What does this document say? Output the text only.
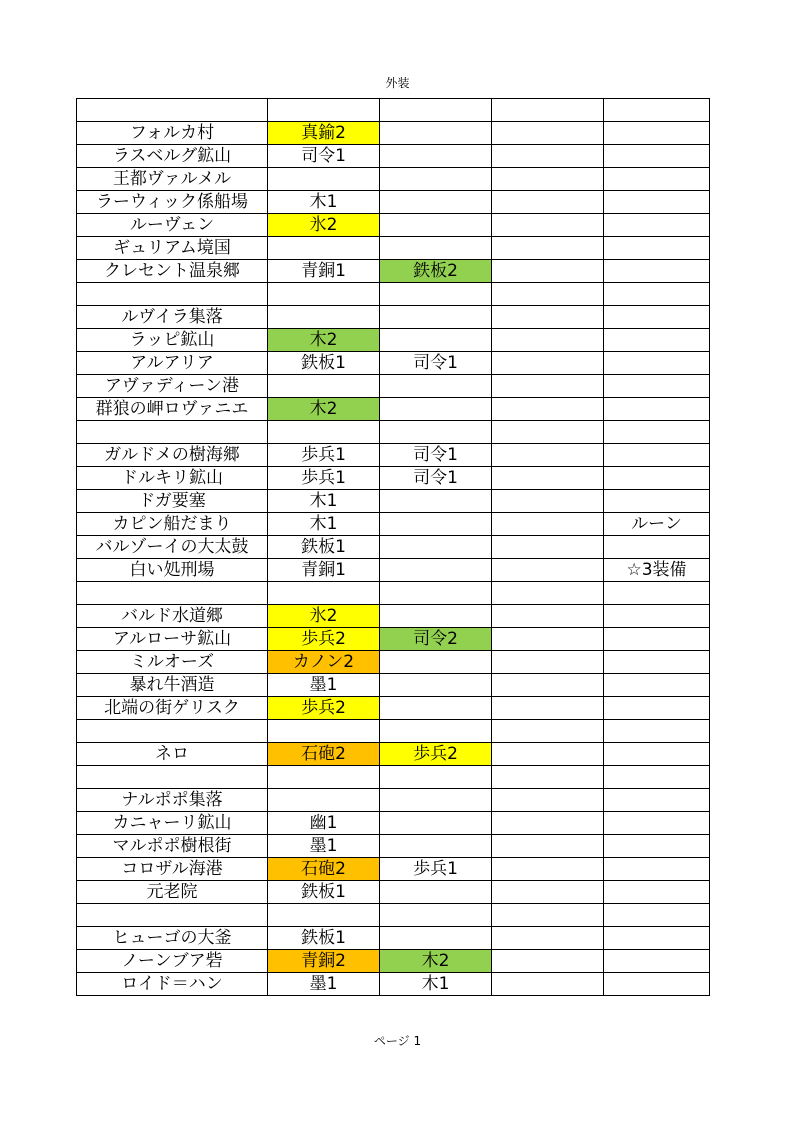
外装

フォルカ村	真鍮2			
ラスベルグ鉱山	司令1			
王都ヴァルメル				
ラーウィック係船場	木1			
ルーヴェン	氷2			
ギュリアム境国				
クレセント温泉郷	青銅1	鉄板2		

ルヴイラ集落				
ラッピ鉱山	木2			
アルアリア	鉄板1	司令1		
アヴァディーン港				
群狼の岬ロヴァニエ	木2			

ガルドメの樹海郷	歩兵1	司令1		
ドルキリ鉱山	歩兵1	司令1		
ドガ要塞	木1			
カピン船だまり	木1			ルーン
バルゾーイの大太鼓	鉄板1			
白い処刑場	青銅1			☆3装備

バルド水道郷	氷2			
アルローサ鉱山	歩兵2	司令2		
ミルオーズ	カノン2			
暴れ牛酒造	墨1			
北端の街ゲリスク	歩兵2			

ネロ	石砲2	歩兵2		

ナルポポ集落				
カニャーリ鉱山	幽1			
マルポポ樹根街	墨1			
コロザル海港	石砲2	歩兵1		
元老院	鉄板1			

ヒューゴの大釜	鉄板1			
ノーンブア砦	青銅2	木2		
ロイド＝ハン	墨1	木1		
ページ 1
